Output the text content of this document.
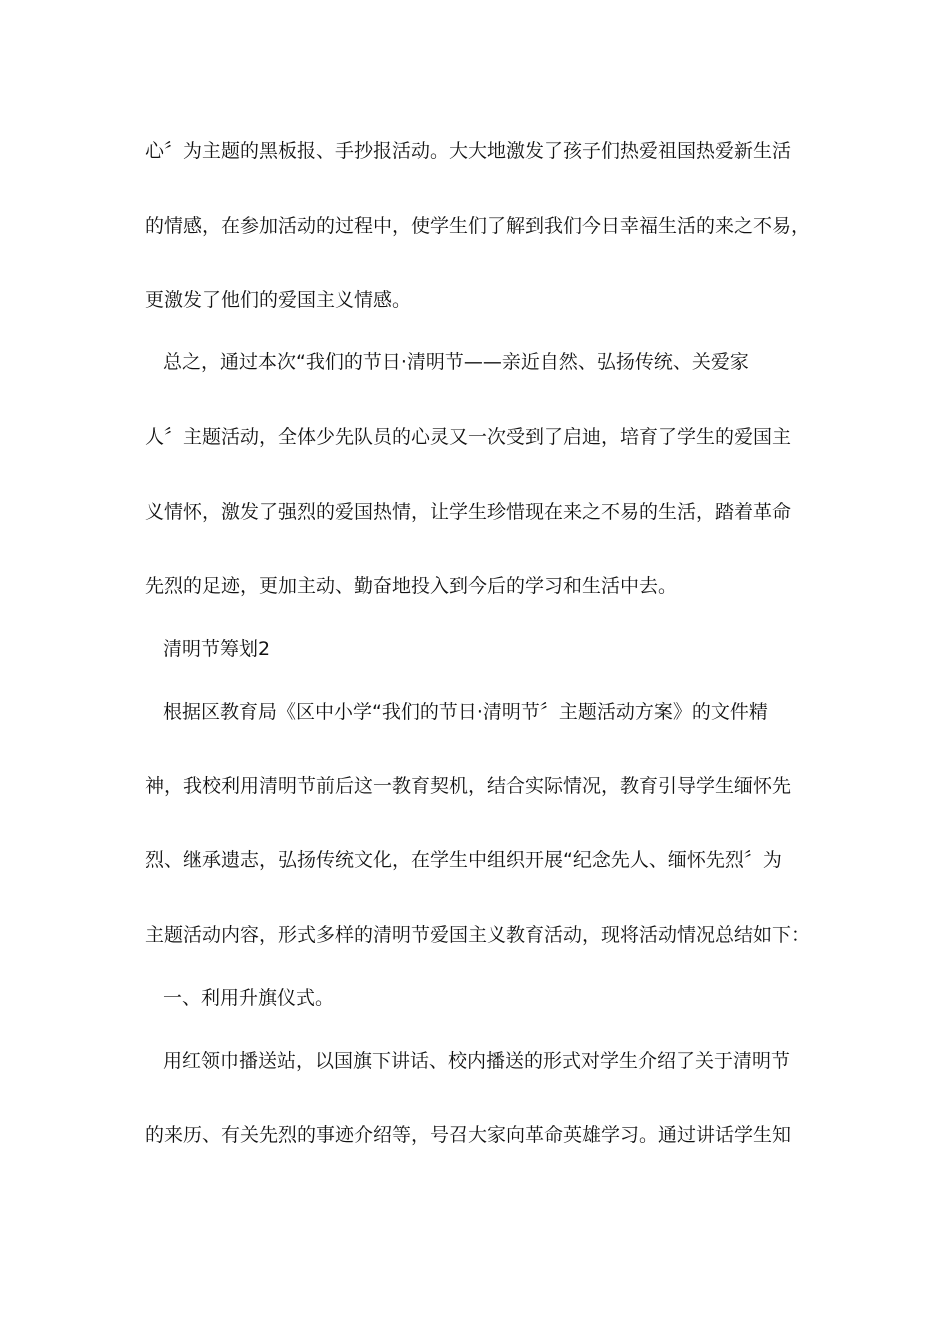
心〞为主题的黑板报、手抄报活动。大大地激发了孩子们热爱祖国热爱新生活
的情感，在参加活动的过程中，使学生们了解到我们今日幸福生活的来之不易，
更激发了他们的爱国主义情感。
总之，通过本次“我们的节日·清明节——亲近自然、弘扬传统、关爱家
人〞主题活动，全体少先队员的心灵又一次受到了启迪，培育了学生的爱国主
义情怀，激发了强烈的爱国热情，让学生珍惜现在来之不易的生活，踏着革命
先烈的足迹，更加主动、勤奋地投入到今后的学习和生活中去。
清明节筹划2
根据区教育局《区中小学“我们的节日·清明节〞主题活动方案》的文件精
神，我校利用清明节前后这一教育契机，结合实际情况，教育引导学生缅怀先
烈、继承遗志，弘扬传统文化，在学生中组织开展“纪念先人、缅怀先烈〞为
主题活动内容，形式多样的清明节爱国主义教育活动，现将活动情况总结如下：
一、利用升旗仪式。
用红领巾播送站，以国旗下讲话、校内播送的形式对学生介绍了关于清明节
的来历、有关先烈的事迹介绍等，号召大家向革命英雄学习。通过讲话学生知
